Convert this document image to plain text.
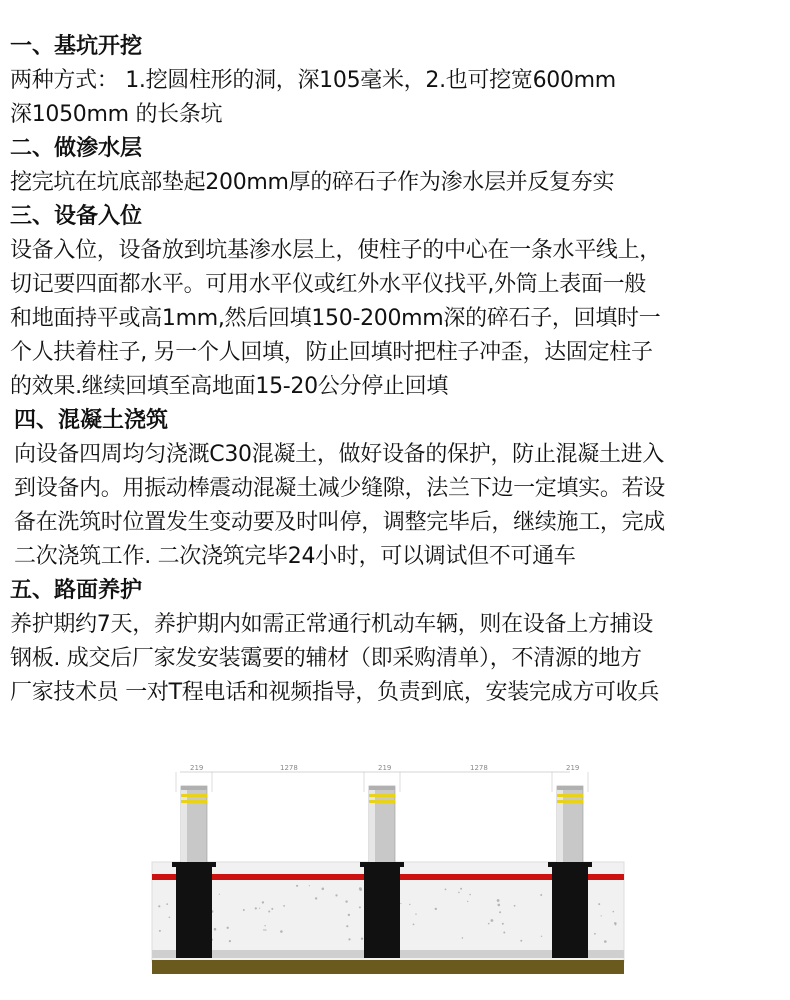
一、基坑开挖
两种方式： 1.挖圆柱形的洞，深105毫米，2.也可挖宽600mm
深1050mm 的长条坑
二、做渗水层
挖完坑在坑底部垫起200mm厚的碎石子作为渗水层并反复夯实
三、设备入位
设备入位，设备放到坑基渗水层上，使柱子的中心在一条水平线上，
切记要四面都水平。可用水平仪或红外水平仪找平,外筒上表面一般
和地面持平或高1mm,然后回填150-200mm深的碎石子，回填时一
个人扶着柱子, 另一个人回填，防止回填时把柱子冲歪，达固定柱子
的效果.继续回填至高地面15-20公分停止回填
四、混凝土浇筑
向设备四周均匀浇溉C30混凝土，做好设备的保护，防止混凝土进入
到设备内。用振动棒震动混凝土减少缝隙，法兰下边一定填实。若设
备在洗筑时位置发生变动要及时叫停，调整完毕后，继续施工，完成
二次浇筑工作. 二次浇筑完毕24小时，可以调试但不可通车
五、路面养护
养护期约7天，养护期内如需正常通行机动车辆，则在设备上方捕设
钢板. 成交后厂家发安装霭要的辅材（即采购清单），不清源的地方
厂家技术员 一对T程电话和视频指导，负责到底，安装完成方可收兵
219	1278	219	1278	219
